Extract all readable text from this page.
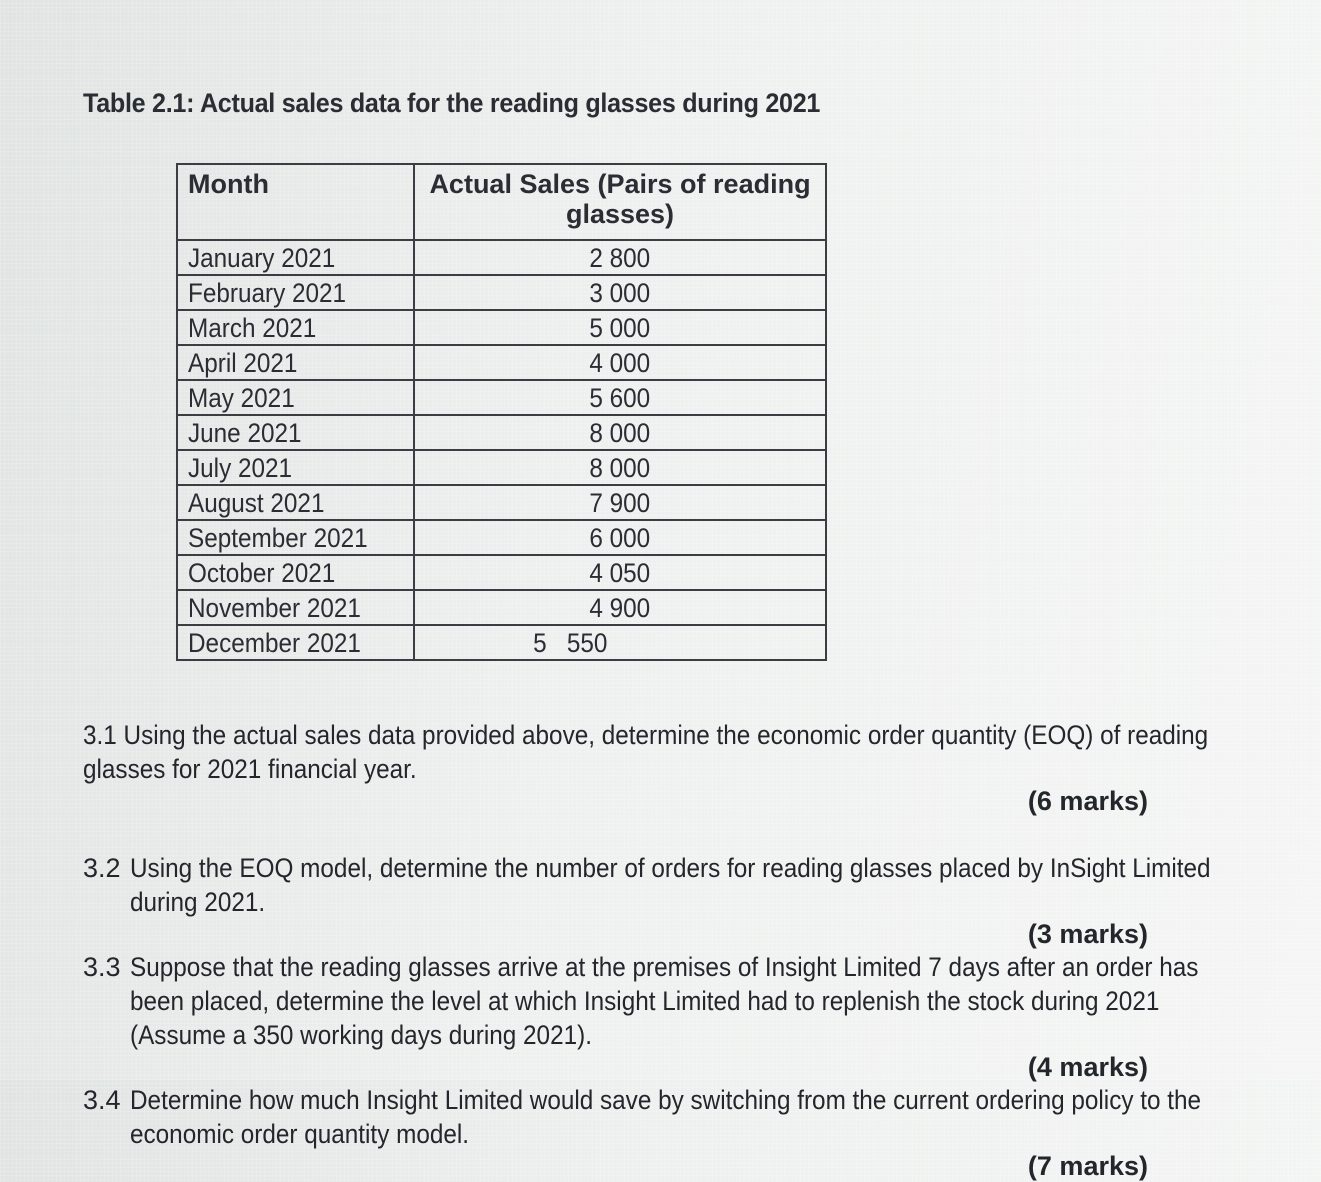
Table 2.1: Actual sales data for the reading glasses during 2021
Month	Actual Sales (Pairs of reading glasses)
January 2021	2 800
February 2021	3 000
March 2021	5 000
April 2021	4 000
May 2021	5 600
June 2021	8 000
July 2021	8 000
August 2021	7 900
September 2021	6 000
October 2021	4 050
November 2021	4 900
December 2021	5   550
3.1 Using the actual sales data provided above, determine the economic order quantity (EOQ) of reading glasses for 2021 financial year.
(6 marks)
3.2 Using the EOQ model, determine the number of orders for reading glasses placed by InSight Limited during 2021.
(3 marks)
3.3 Suppose that the reading glasses arrive at the premises of Insight Limited 7 days after an order has been placed, determine the level at which Insight Limited had to replenish the stock during 2021 (Assume a 350 working days during 2021).
(4 marks)
3.4 Determine how much Insight Limited would save by switching from the current ordering policy to the economic order quantity model.
(7 marks)
